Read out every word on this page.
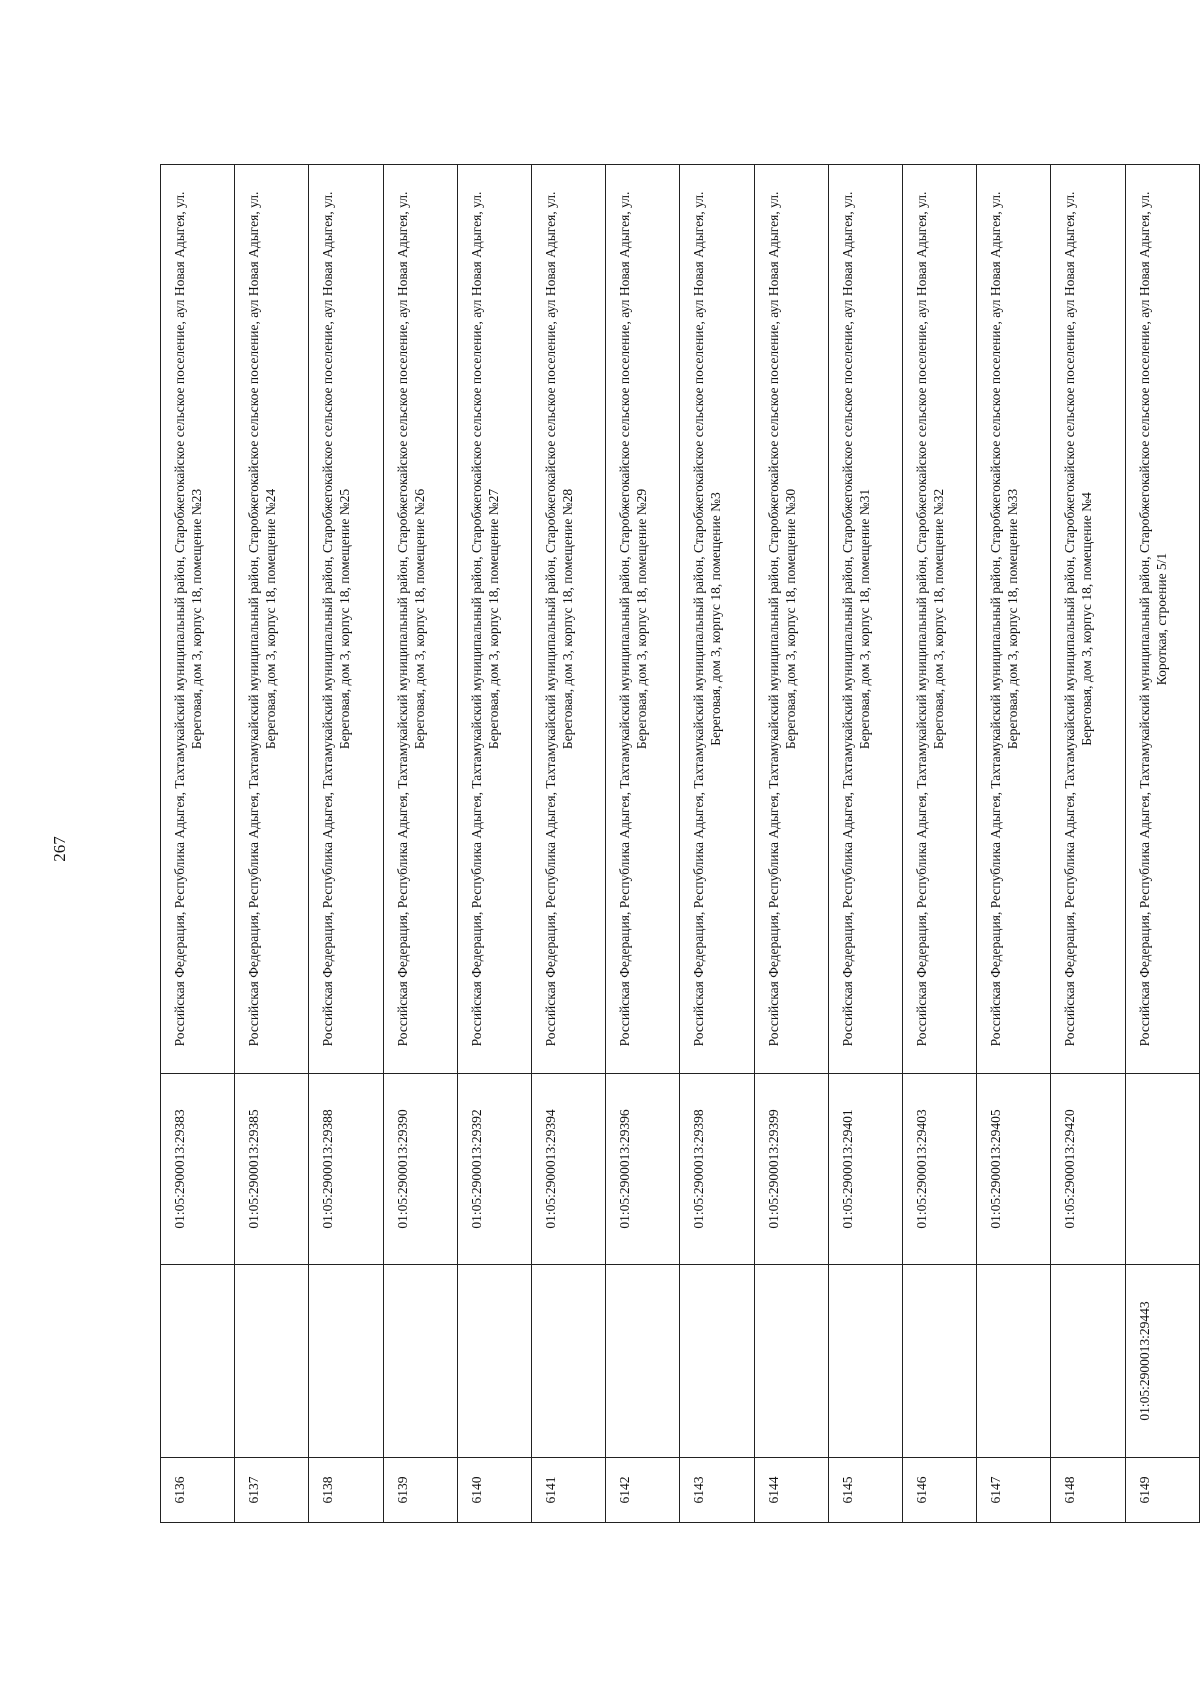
267
6136		01:05:2900013:29383	Российская Федерация, Республика Адыгея, Тахтамукайский муниципальный район, Старобжегокайское сельское поселение, аул Новая Адыгея, ул. Береговая, дом 3, корпус 18, помещение №23
6137		01:05:2900013:29385	Российская Федерация, Республика Адыгея, Тахтамукайский муниципальный район, Старобжегокайское сельское поселение, аул Новая Адыгея, ул. Береговая, дом 3, корпус 18, помещение №24
6138		01:05:2900013:29388	Российская Федерация, Республика Адыгея, Тахтамукайский муниципальный район, Старобжегокайское сельское поселение, аул Новая Адыгея, ул. Береговая, дом 3, корпус 18, помещение №25
6139		01:05:2900013:29390	Российская Федерация, Республика Адыгея, Тахтамукайский муниципальный район, Старобжегокайское сельское поселение, аул Новая Адыгея, ул. Береговая, дом 3, корпус 18, помещение №26
6140		01:05:2900013:29392	Российская Федерация, Республика Адыгея, Тахтамукайский муниципальный район, Старобжегокайское сельское поселение, аул Новая Адыгея, ул. Береговая, дом 3, корпус 18, помещение №27
6141		01:05:2900013:29394	Российская Федерация, Республика Адыгея, Тахтамукайский муниципальный район, Старобжегокайское сельское поселение, аул Новая Адыгея, ул. Береговая, дом 3, корпус 18, помещение №28
6142		01:05:2900013:29396	Российская Федерация, Республика Адыгея, Тахтамукайский муниципальный район, Старобжегокайское сельское поселение, аул Новая Адыгея, ул. Береговая, дом 3, корпус 18, помещение №29
6143		01:05:2900013:29398	Российская Федерация, Республика Адыгея, Тахтамукайский муниципальный район, Старобжегокайское сельское поселение, аул Новая Адыгея, ул. Береговая, дом 3, корпус 18, помещение №3
6144		01:05:2900013:29399	Российская Федерация, Республика Адыгея, Тахтамукайский муниципальный район, Старобжегокайское сельское поселение, аул Новая Адыгея, ул. Береговая, дом 3, корпус 18, помещение №30
6145		01:05:2900013:29401	Российская Федерация, Республика Адыгея, Тахтамукайский муниципальный район, Старобжегокайское сельское поселение, аул Новая Адыгея, ул. Береговая, дом 3, корпус 18, помещение №31
6146		01:05:2900013:29403	Российская Федерация, Республика Адыгея, Тахтамукайский муниципальный район, Старобжегокайское сельское поселение, аул Новая Адыгея, ул. Береговая, дом 3, корпус 18, помещение №32
6147		01:05:2900013:29405	Российская Федерация, Республика Адыгея, Тахтамукайский муниципальный район, Старобжегокайское сельское поселение, аул Новая Адыгея, ул. Береговая, дом 3, корпус 18, помещение №33
6148		01:05:2900013:29420	Российская Федерация, Республика Адыгея, Тахтамукайский муниципальный район, Старобжегокайское сельское поселение, аул Новая Адыгея, ул. Береговая, дом 3, корпус 18, помещение №4
6149	01:05:2900013:29443		Российская Федерация, Республика Адыгея, Тахтамукайский муниципальный район, Старобжегокайское сельское поселение, аул Новая Адыгея, ул. Короткая, строение 5/1
